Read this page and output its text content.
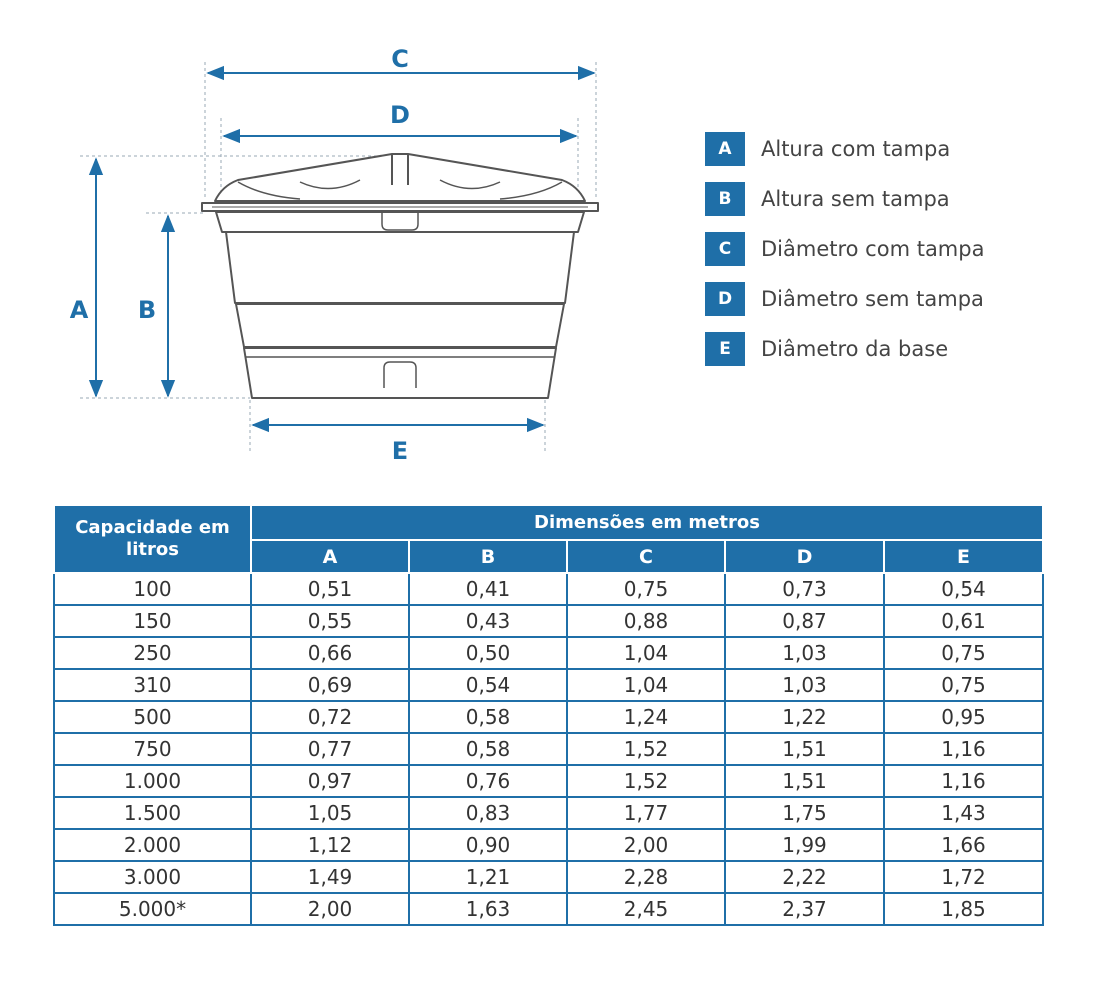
C
D
A B
E
A	Altura com tampa
B	Altura sem tampa
C	Diâmetro com tampa
D	Diâmetro sem tampa
E	Diâmetro da base
Capacidade em litros	Dimensões em metros				
	A	B	C	D	E
100	0,51	0,41	0,75	0,73	0,54
150	0,55	0,43	0,88	0,87	0,61
250	0,66	0,50	1,04	1,03	0,75
310	0,69	0,54	1,04	1,03	0,75
500	0,72	0,58	1,24	1,22	0,95
750	0,77	0,58	1,52	1,51	1,16
1.000	0,97	0,76	1,52	1,51	1,16
1.500	1,05	0,83	1,77	1,75	1,43
2.000	1,12	0,90	2,00	1,99	1,66
3.000	1,49	1,21	2,28	2,22	1,72
5.000*	2,00	1,63	2,45	2,37	1,85
